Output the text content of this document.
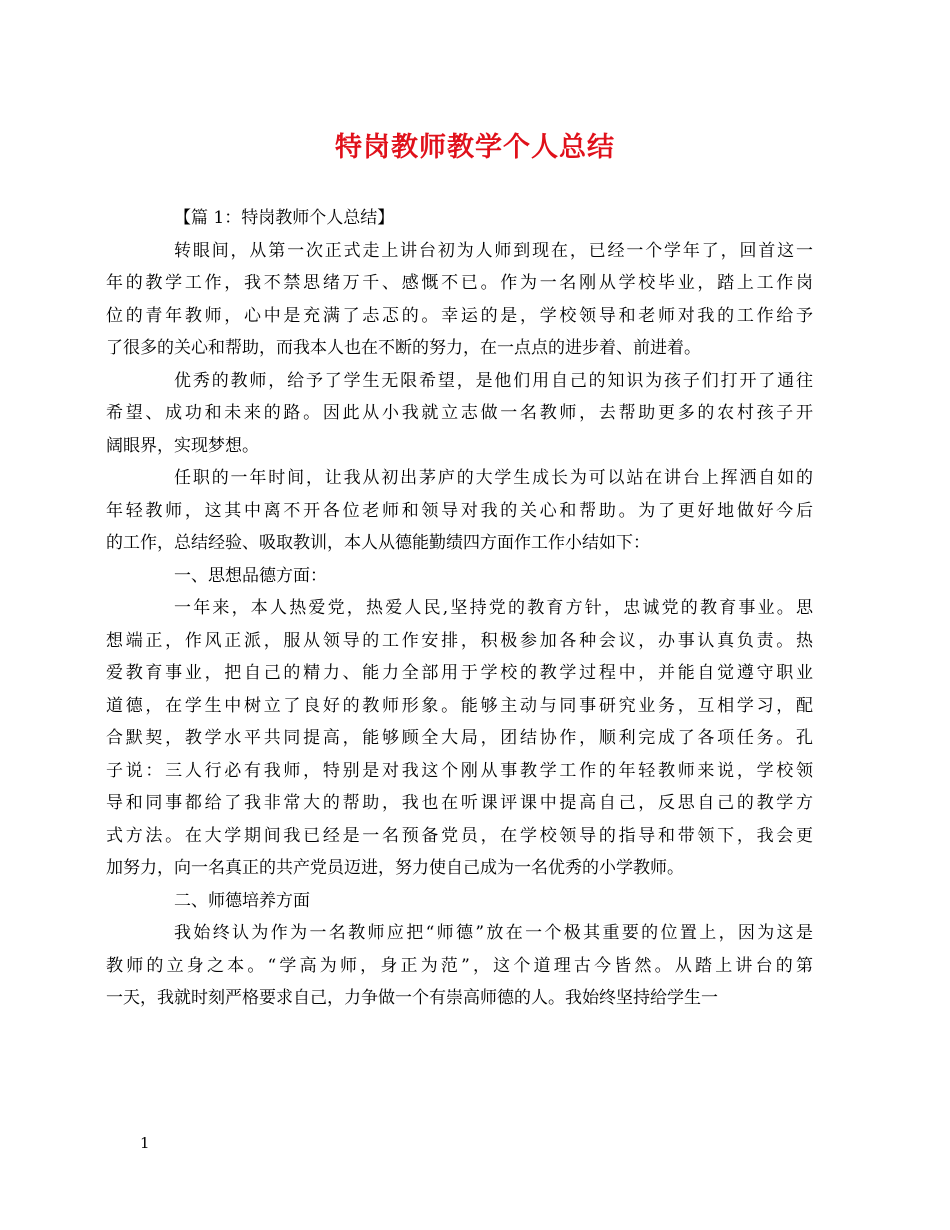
特岗教师教学个人总结
【篇 1：特岗教师个人总结】
转眼间，从第一次正式走上讲台初为人师到现在，已经一个学年了，回首这一
年的教学工作，我不禁思绪万千、感慨不已。作为一名刚从学校毕业，踏上工作岗
位的青年教师，心中是充满了忐忑的。幸运的是，学校领导和老师对我的工作给予
了很多的关心和帮助，而我本人也在不断的努力，在一点点的进步着、前进着。
优秀的教师，给予了学生无限希望，是他们用自己的知识为孩子们打开了通往
希望、成功和未来的路。因此从小我就立志做一名教师，去帮助更多的农村孩子开
阔眼界，实现梦想。
任职的一年时间，让我从初出茅庐的大学生成长为可以站在讲台上挥洒自如的
年轻教师，这其中离不开各位老师和领导对我的关心和帮助。为了更好地做好今后
的工作，总结经验、吸取教训，本人从德能勤绩四方面作工作小结如下：
一、思想品德方面：
一年来，本人热爱党，热爱人民,坚持党的教育方针，忠诚党的教育事业。思
想端正，作风正派，服从领导的工作安排，积极参加各种会议，办事认真负责。热
爱教育事业，把自己的精力、能力全部用于学校的教学过程中，并能自觉遵守职业
道德，在学生中树立了良好的教师形象。能够主动与同事研究业务，互相学习，配
合默契，教学水平共同提高，能够顾全大局，团结协作，顺利完成了各项任务。孔
子说：三人行必有我师，特别是对我这个刚从事教学工作的年轻教师来说，学校领
导和同事都给了我非常大的帮助，我也在听课评课中提高自己，反思自己的教学方
式方法。在大学期间我已经是一名预备党员，在学校领导的指导和带领下，我会更
加努力，向一名真正的共产党员迈进，努力使自己成为一名优秀的小学教师。
二、师德培养方面
我始终认为作为一名教师应把“师德”放在一个极其重要的位置上，因为这是
教师的立身之本。“学高为师，身正为范”，这个道理古今皆然。从踏上讲台的第
一天，我就时刻严格要求自己，力争做一个有崇高师德的人。我始终坚持给学生一
1
